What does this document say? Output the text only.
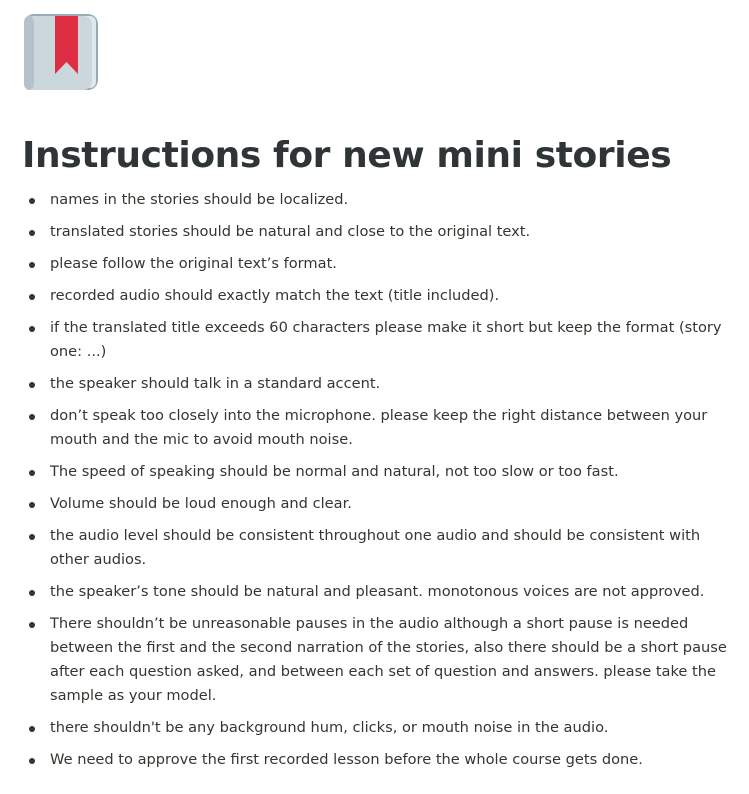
Instructions for new mini stories
names in the stories should be localized.
translated stories should be natural and close to the original text.
please follow the original text’s format.
recorded audio should exactly match the text (title included).
if the translated title exceeds 60 characters please make it short but keep the format (story one: ...)
the speaker should talk in a standard accent.
don’t speak too closely into the microphone. please keep the right distance between your mouth and the mic to avoid mouth noise.
The speed of speaking should be normal and natural, not too slow or too fast.
Volume should be loud enough and clear.
the audio level should be consistent throughout one audio and should be consistent with other audios.
the speaker’s tone should be natural and pleasant. monotonous voices are not approved.
There shouldn’t be unreasonable pauses in the audio although a short pause is needed between the first and the second narration of the stories, also there should be a short pause after each question asked, and between each set of question and answers. please take the sample as your model.
there shouldn't be any background hum, clicks, or mouth noise in the audio.
We need to approve the first recorded lesson before the whole course gets done.
